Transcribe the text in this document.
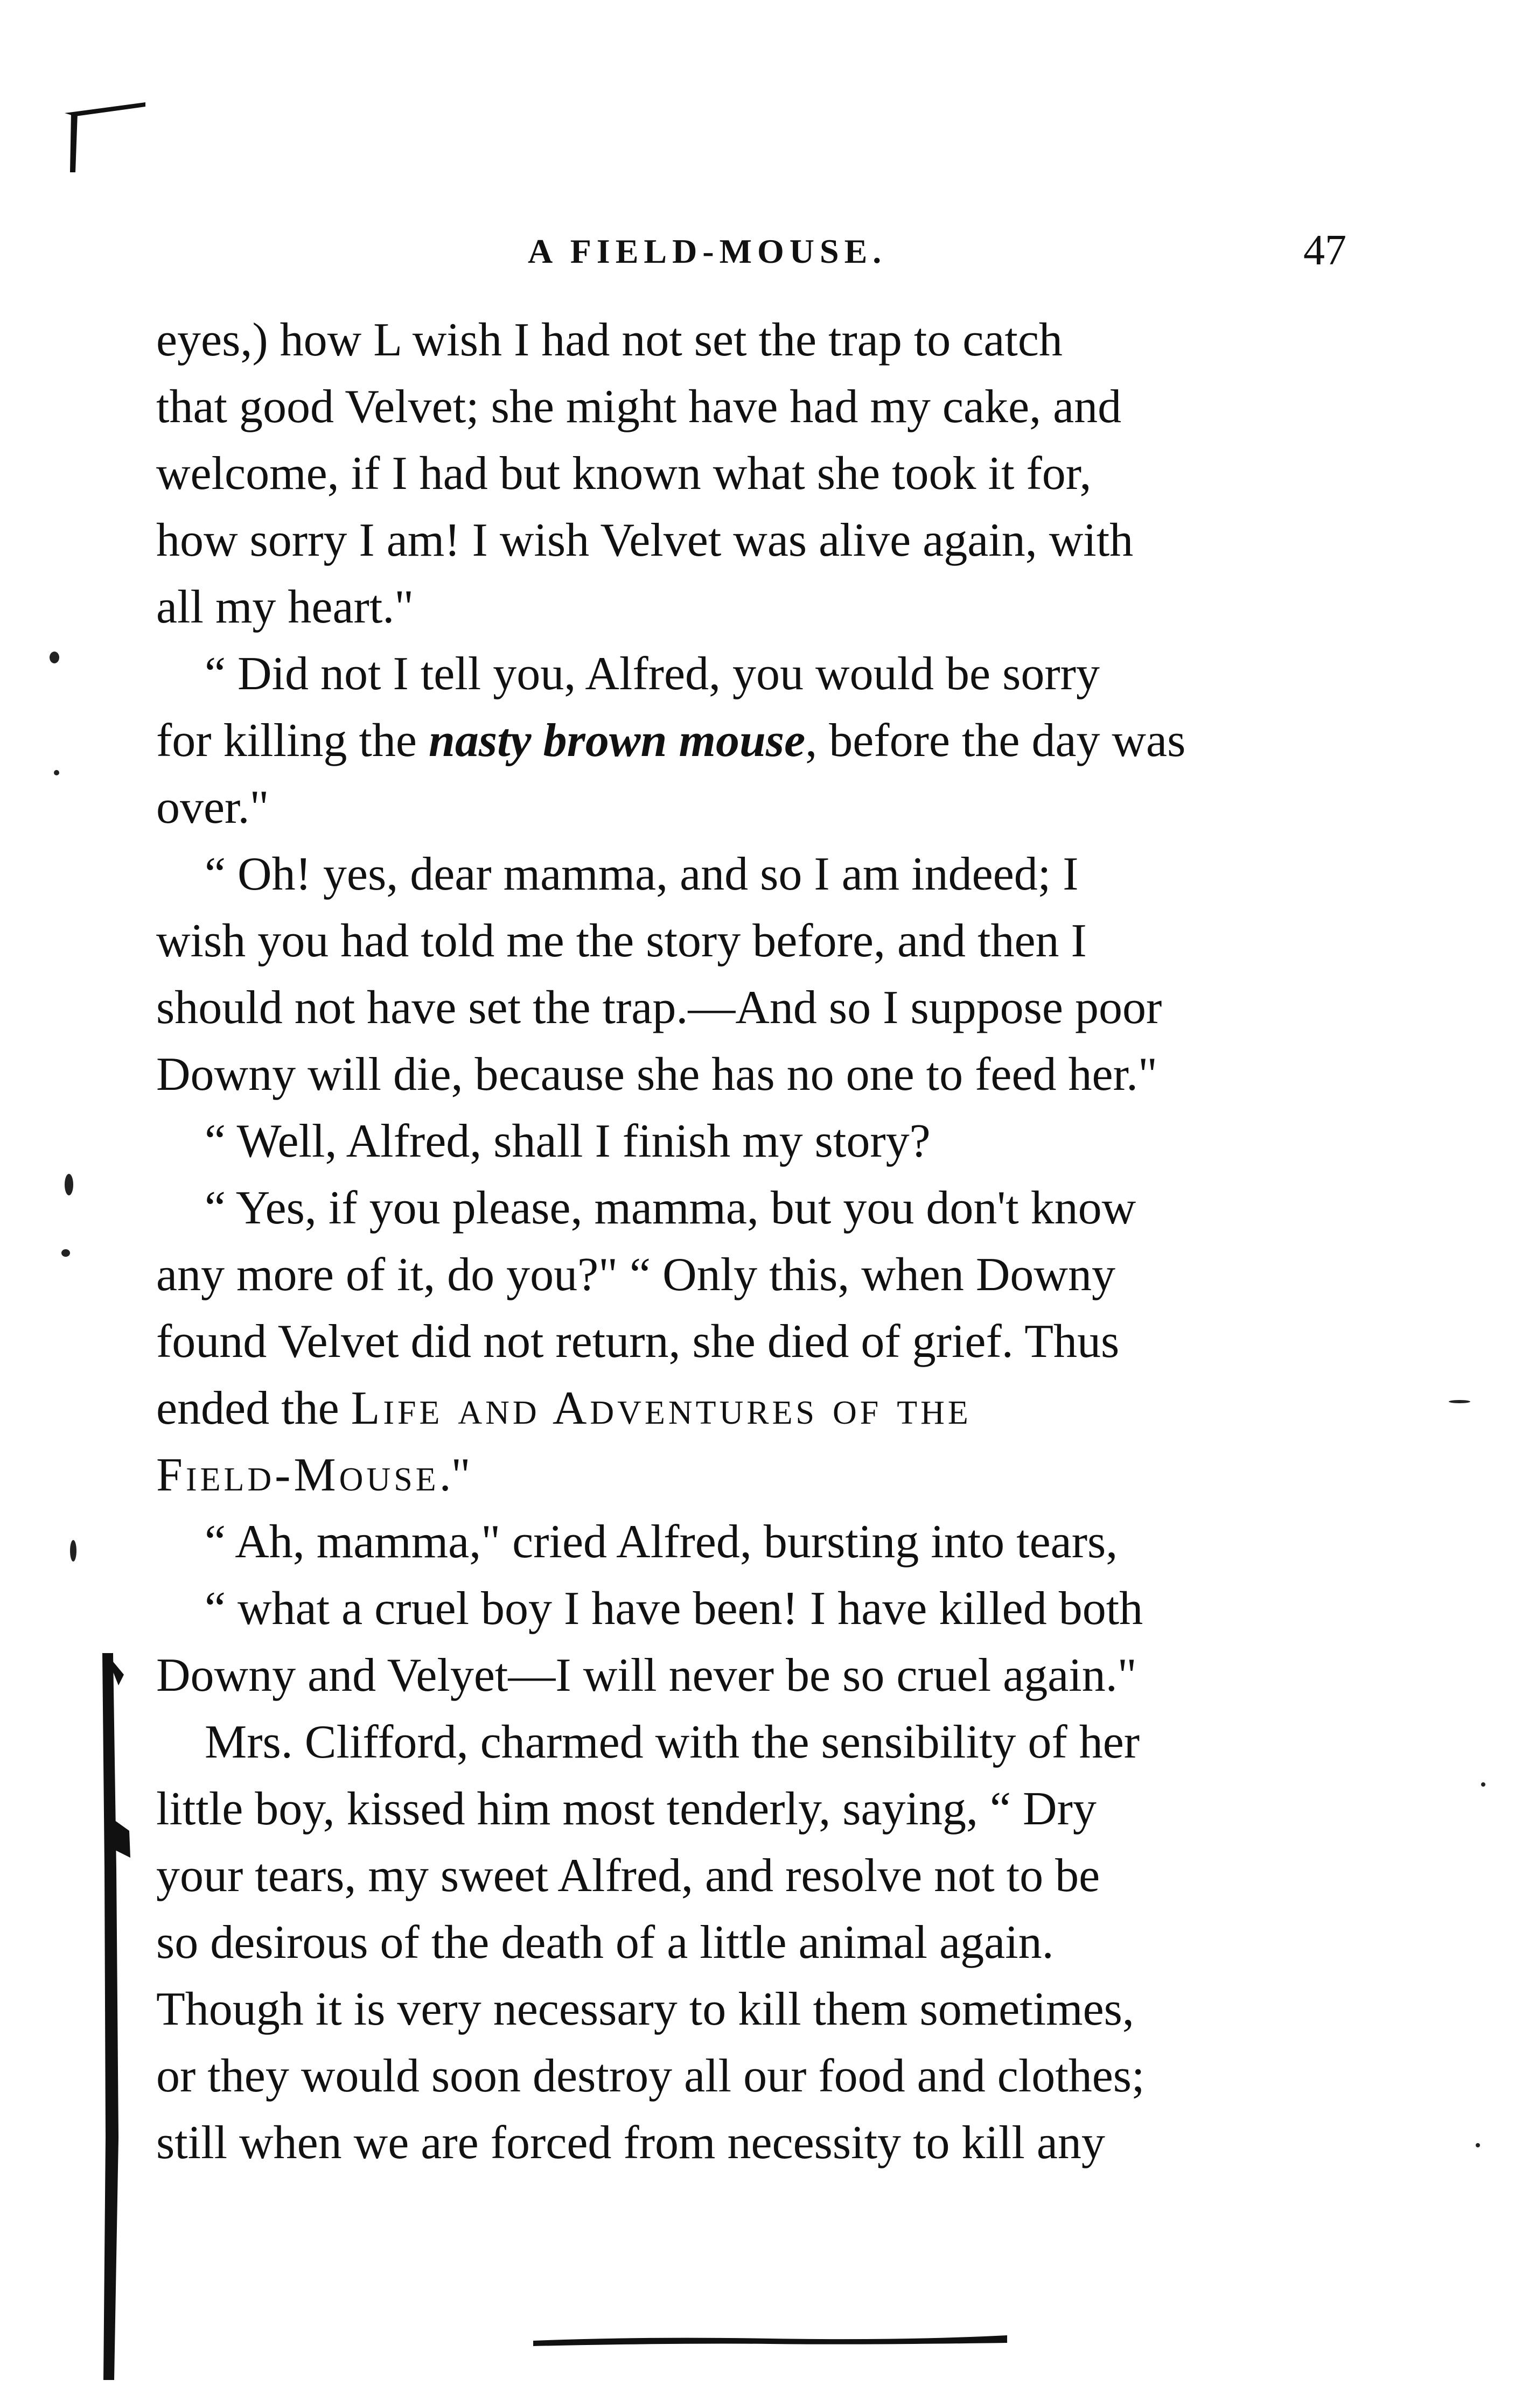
A FIELD-MOUSE.	47
eyes,) how L wish I had not set the trap to catch
that good Velvet; she might have had my cake, and
welcome, if I had but known what she took it for,
how sorry I am! I wish Velvet was alive again, with
all my heart."
“ Did not I tell you, Alfred, you would be sorry
for killing the nasty brown mouse, before the day was
over."
“ Oh! yes, dear mamma, and so I am indeed; I
wish you had told me the story before, and then I
should not have set the trap.—And so I suppose poor
Downy will die, because she has no one to feed her."
“ Well, Alfred, shall I finish my story?
“ Yes, if you please, mamma, but you don't know
any more of it, do you?" “ Only this, when Downy
found Velvet did not return, she died of grief. Thus
ended the Life and Adventures of the
Field-Mouse."
“ Ah, mamma," cried Alfred, bursting into tears,
“ what a cruel boy I have been! I have killed both
Downy and Velyet—I will never be so cruel again."
Mrs. Clifford, charmed with the sensibility of her
little boy, kissed him most tenderly, saying, “ Dry
your tears, my sweet Alfred, and resolve not to be
so desirous of the death of a little animal again.
Though it is very necessary to kill them sometimes,
or they would soon destroy all our food and clothes;
still when we are forced from necessity to kill any
